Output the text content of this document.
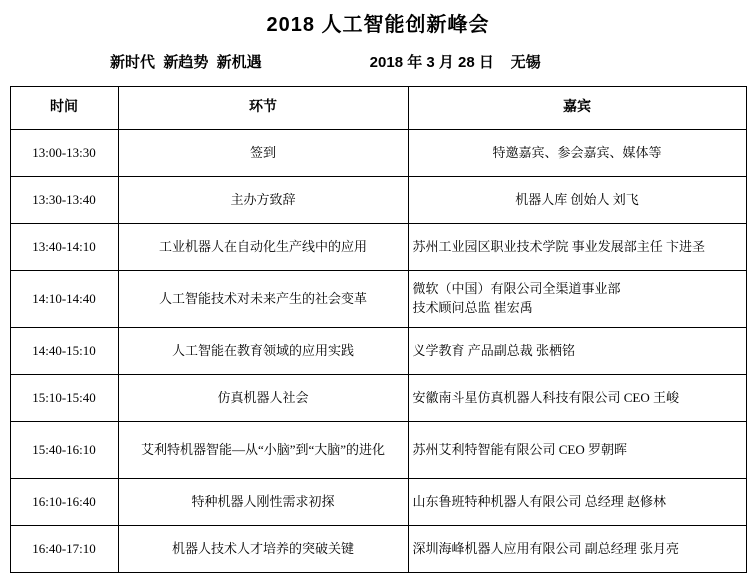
2018 人工智能创新峰会
新时代  新趋势  新机遇	2018 年 3 月 28 日    无锡
时间	环节	嘉宾
13:00-13:30	签到	特邀嘉宾、参会嘉宾、媒体等

13:30-13:40	主办方致辞	机器人库 创始人 刘飞

13:40-14:10	工业机器人在自动化生产线中的应用	苏州工业园区职业技术学院 事业发展部主任 卞进圣

14:10-14:40	人工智能技术对未来产生的社会变革	微软（中国）有限公司全渠道事业部
技术顾问总监 崔宏禹

14:40-15:10	人工智能在教育领域的应用实践	义学教育 产品副总裁 张栖铭

15:10-15:40	仿真机器人社会	安徽南斗星仿真机器人科技有限公司 CEO 王峻

15:40-16:10	艾利特机器智能—从“小脑”到“大脑”的进化	苏州艾利特智能有限公司 CEO 罗朝晖

16:10-16:40	特种机器人刚性需求初探	山东鲁班特种机器人有限公司 总经理 赵修林

16:40-17:10	机器人技术人才培养的突破关键	深圳海峰机器人应用有限公司 副总经理 张月亮
